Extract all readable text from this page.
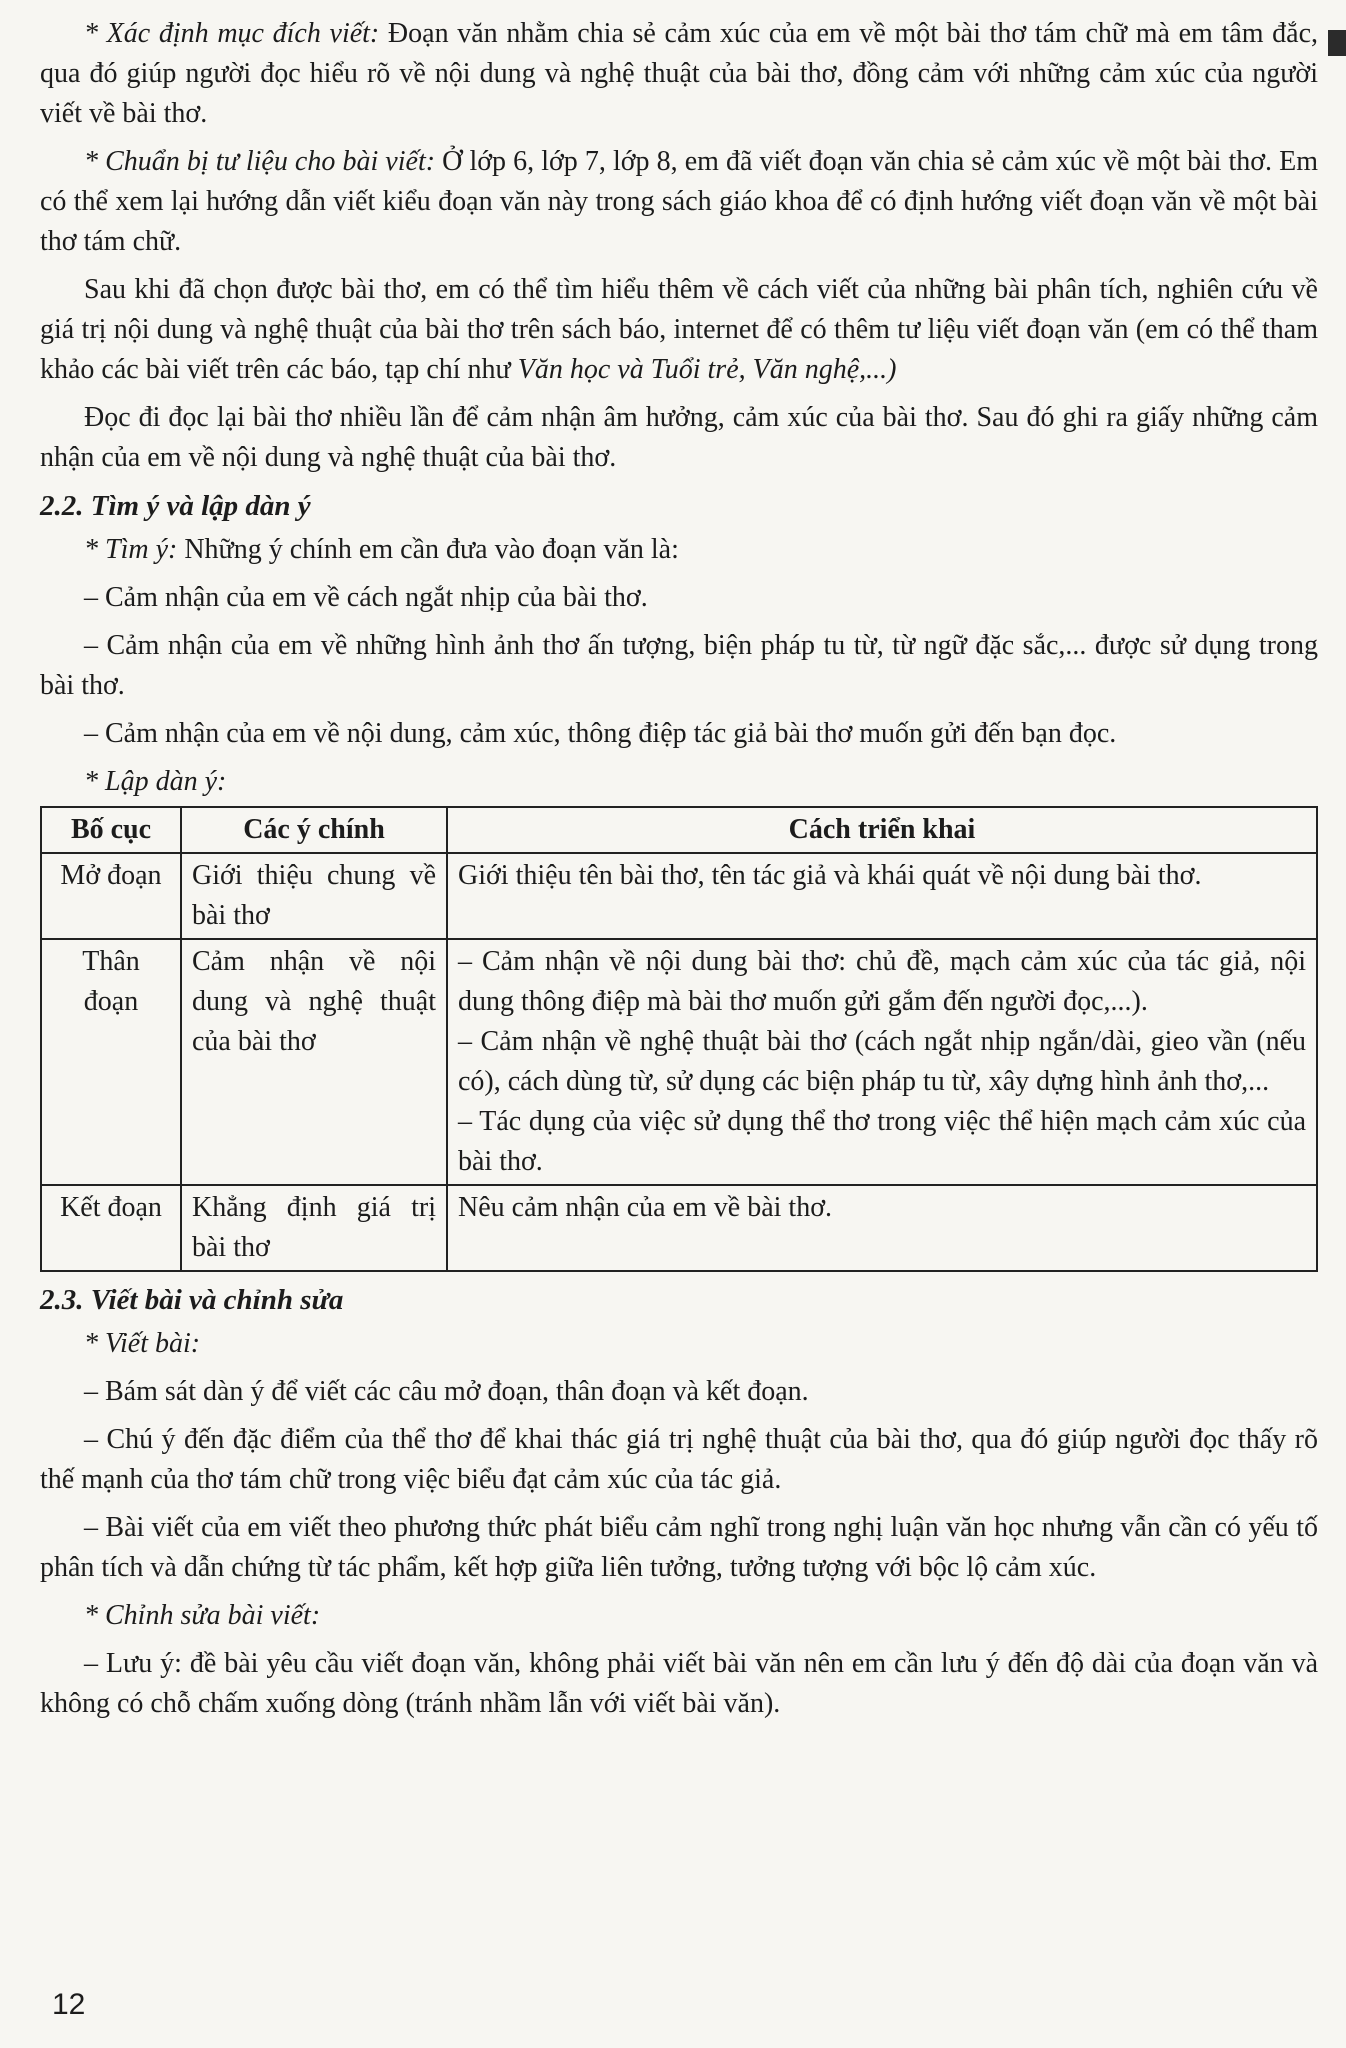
* Xác định mục đích viết: Đoạn văn nhằm chia sẻ cảm xúc của em về một bài thơ tám chữ mà em tâm đắc, qua đó giúp người đọc hiểu rõ về nội dung và nghệ thuật của bài thơ, đồng cảm với những cảm xúc của người viết về bài thơ.

* Chuẩn bị tư liệu cho bài viết: Ở lớp 6, lớp 7, lớp 8, em đã viết đoạn văn chia sẻ cảm xúc về một bài thơ. Em có thể xem lại hướng dẫn viết kiểu đoạn văn này trong sách giáo khoa để có định hướng viết đoạn văn về một bài thơ tám chữ.

Sau khi đã chọn được bài thơ, em có thể tìm hiểu thêm về cách viết của những bài phân tích, nghiên cứu về giá trị nội dung và nghệ thuật của bài thơ trên sách báo, internet để có thêm tư liệu viết đoạn văn (em có thể tham khảo các bài viết trên các báo, tạp chí như Văn học và Tuổi trẻ, Văn nghệ,...)

Đọc đi đọc lại bài thơ nhiều lần để cảm nhận âm hưởng, cảm xúc của bài thơ. Sau đó ghi ra giấy những cảm nhận của em về nội dung và nghệ thuật của bài thơ.

2.2. Tìm ý và lập dàn ý

* Tìm ý: Những ý chính em cần đưa vào đoạn văn là:

– Cảm nhận của em về cách ngắt nhịp của bài thơ.

– Cảm nhận của em về những hình ảnh thơ ấn tượng, biện pháp tu từ, từ ngữ đặc sắc,... được sử dụng trong bài thơ.

– Cảm nhận của em về nội dung, cảm xúc, thông điệp tác giả bài thơ muốn gửi đến bạn đọc.

* Lập dàn ý:

Bố cục	Các ý chính	Cách triển khai
Mở đoạn	Giới thiệu chung về bài thơ	Giới thiệu tên bài thơ, tên tác giả và khái quát về nội dung bài thơ.

Thân đoạn	Cảm nhận về nội dung và nghệ thuật của bài thơ	– Cảm nhận về nội dung bài thơ: chủ đề, mạch cảm xúc của tác giả, nội dung thông điệp mà bài thơ muốn gửi gắm đến người đọc,...).
– Cảm nhận về nghệ thuật bài thơ (cách ngắt nhịp ngắn/dài, gieo vần (nếu có), cách dùng từ, sử dụng các biện pháp tu từ, xây dựng hình ảnh thơ,...
– Tác dụng của việc sử dụng thể thơ trong việc thể hiện mạch cảm xúc của bài thơ.

Kết đoạn	Khẳng định giá trị bài thơ	Nêu cảm nhận của em về bài thơ.
2.3. Viết bài và chỉnh sửa

* Viết bài:

– Bám sát dàn ý để viết các câu mở đoạn, thân đoạn và kết đoạn.

– Chú ý đến đặc điểm của thể thơ để khai thác giá trị nghệ thuật của bài thơ, qua đó giúp người đọc thấy rõ thế mạnh của thơ tám chữ trong việc biểu đạt cảm xúc của tác giả.

– Bài viết của em viết theo phương thức phát biểu cảm nghĩ trong nghị luận văn học nhưng vẫn cần có yếu tố phân tích và dẫn chứng từ tác phẩm, kết hợp giữa liên tưởng, tưởng tượng với bộc lộ cảm xúc.

* Chỉnh sửa bài viết:

– Lưu ý: đề bài yêu cầu viết đoạn văn, không phải viết bài văn nên em cần lưu ý đến độ dài của đoạn văn và không có chỗ chấm xuống dòng (tránh nhầm lẫn với viết bài văn).

12
